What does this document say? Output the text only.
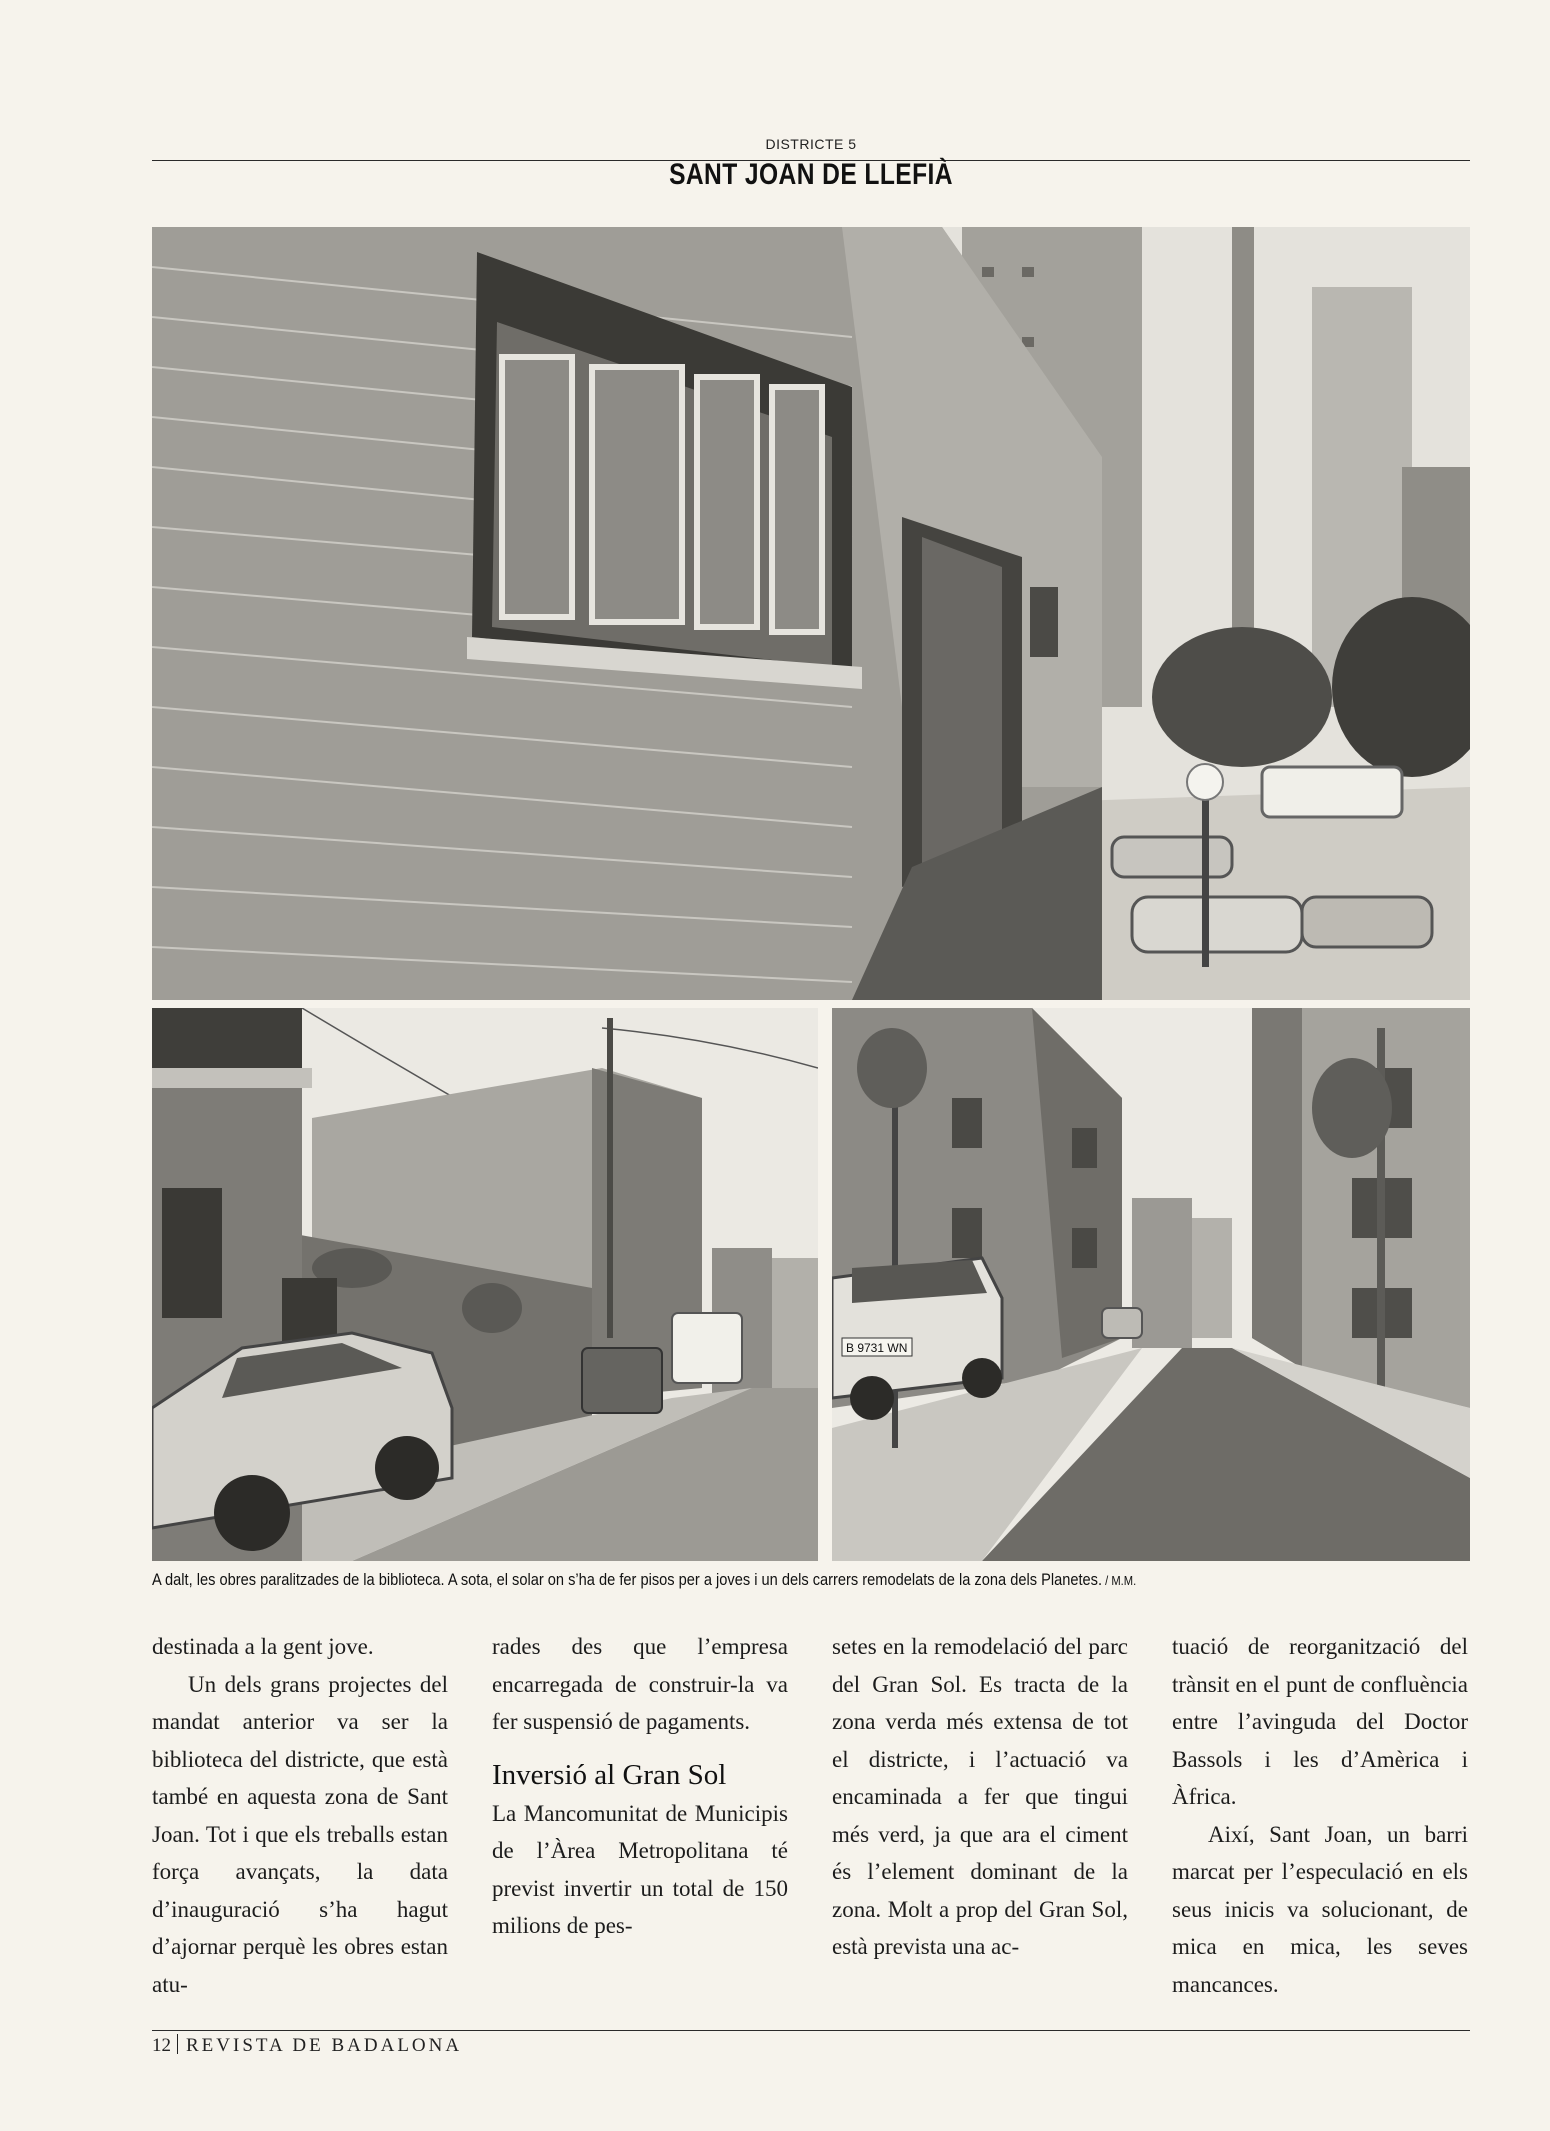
DISTRICTE 5
SANT JOAN DE LLEFIÀ
B 9731 WN
A dalt, les obres paralitzades de la biblioteca. A sota, el solar on s’ha de fer pisos per a joves i un dels carrers remodelats de la zona dels Planetes. / M.M.

destinada a la gent jove.

Un dels grans projectes del mandat anterior va ser la biblioteca del districte, que està també en aquesta zona de Sant Joan. Tot i que els treballs estan força avançats, la data d’inauguració s’ha hagut d’ajornar perquè les obres estan atu-

rades des que l’empresa encarregada de construir-la va fer suspensió de pagaments.

Inversió al Gran Sol

La Mancomunitat de Municipis de l’Àrea Metropolitana té previst invertir un total de 150 milions de pes-

setes en la remodelació del parc del Gran Sol. Es tracta de la zona verda més extensa de tot el districte, i l’actuació va encaminada a fer que tingui més verd, ja que ara el ciment és l’element dominant de la zona. Molt a prop del Gran Sol, està prevista una ac-

tuació de reorganització del trànsit en el punt de confluència entre l’avinguda del Doctor Bassols i les d’Amèrica i Àfrica.

Així, Sant Joan, un barri marcat per l’especulació en els seus inicis va solucionant, de mica en mica, les seves mancances.

12 REVISTA DE BADALONA
